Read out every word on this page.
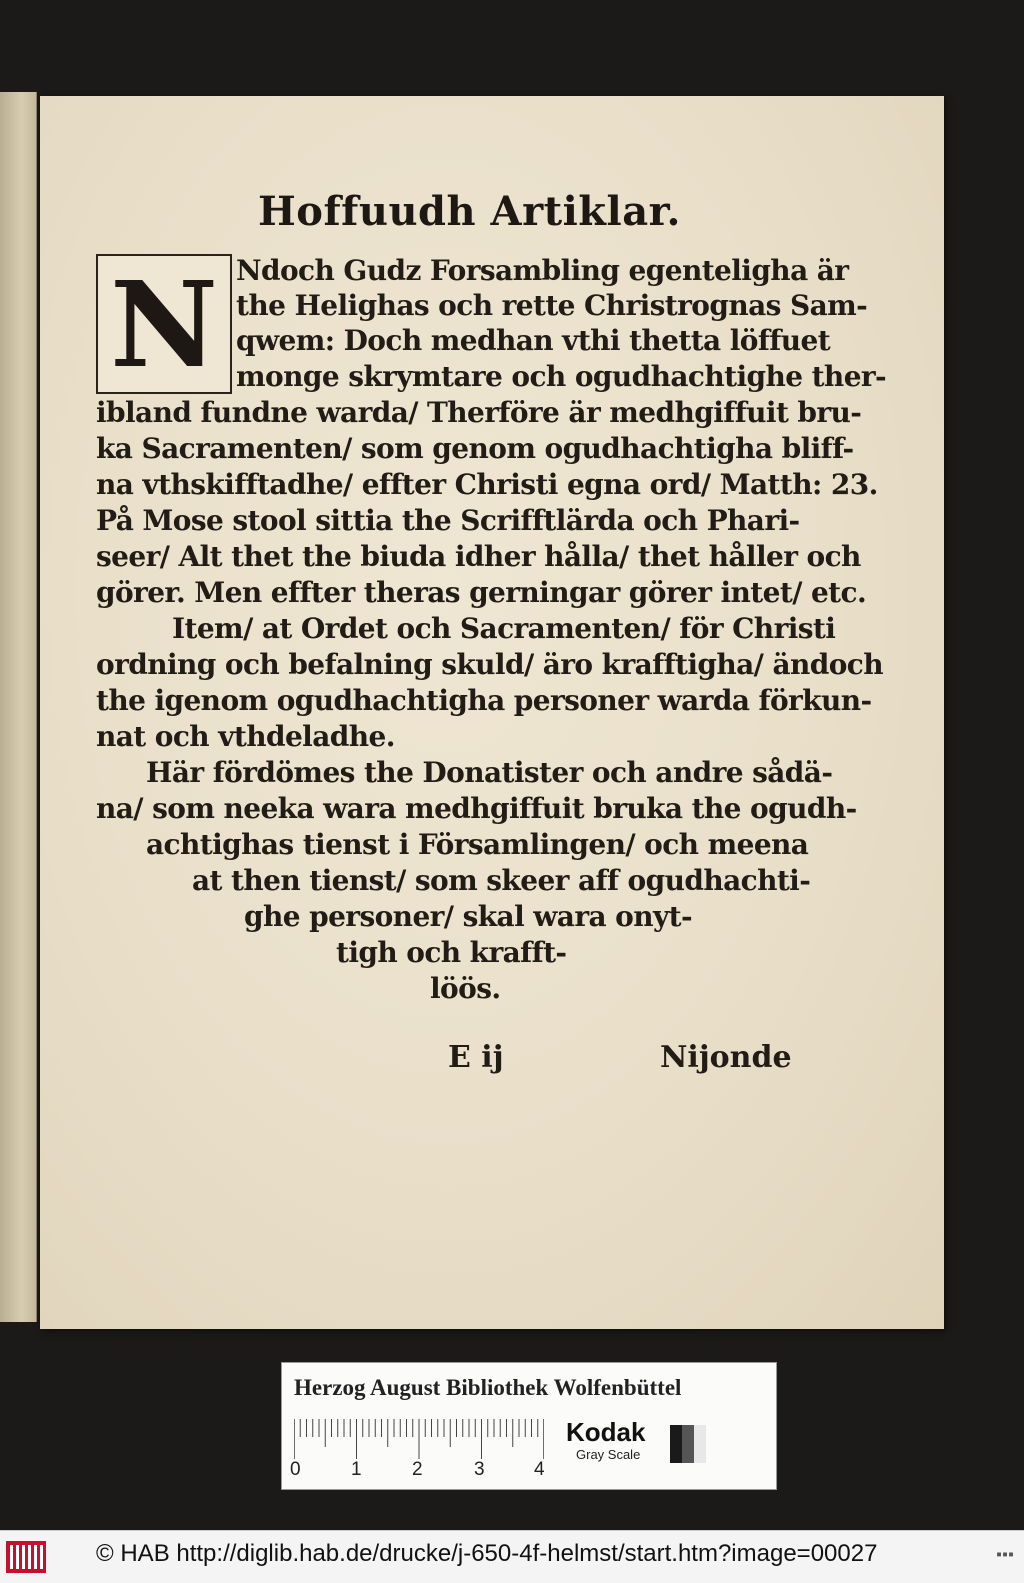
Hoffuudh Artiklar.
N Ndoch Gudz Forsambling egenteligha är
the Helighas och rette Christrognas Sam-
qwem: Doch medhan vthi thetta löffuet
monge skrymtare och ogudhachtighe ther-
ibland fundne warda/ Therföre är medhgiffuit bru-
ka Sacramenten/ som genom ogudhachtigha bliff-
na vthskifftadhe/ effter Christi egna ord/ Matth: 23.
På Mose stool sittia the Scrifftlärda och Phari-
seer/ Alt thet the biuda idher hålla/ thet håller och
görer. Men effter theras gerningar görer intet/ etc.
Item/ at Ordet och Sacramenten/ för Christi
ordning och befalning skuld/ äro krafftigha/ ändoch
the igenom ogudhachtigha personer warda förkun-
nat och vthdeladhe.
Här fördömes the Donatister och andre sådä-
na/ som neeka wara medhgiffuit bruka the ogudh-
achtighas tienst i Församlingen/ och meena
at then tienst/ som skeer aff ogudhachti-
ghe personer/ skal wara onyt-
tigh och krafft-
löös.
E ij	Nijonde
Herzog August Bibliothek Wolfenbüttel
0	1	2	3	4
Kodak
Gray Scale
© HAB http://diglib.hab.de/drucke/j-650-4f-helmst/start.htm?image=00027	▪▪▪
